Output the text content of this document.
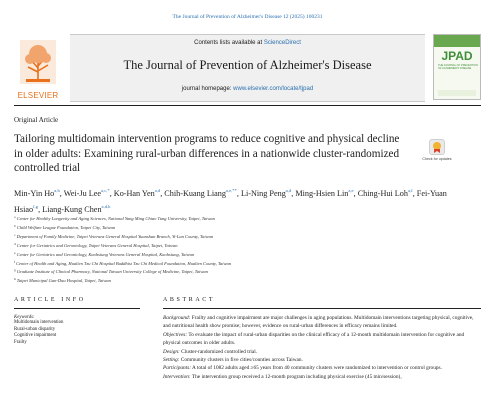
The Journal of Prevention of Alzheimer's Disease 12 (2025) 100231
ELSEVIER
Contents lists available at ScienceDirect
The Journal of Prevention of Alzheimer's Disease
journal homepage: www.elsevier.com/locate/tjpad
JPAD
THE JOURNAL OF PREVENTION OF ALZHEIMER'S DISEASE
Original Article
Tailoring multidomain intervention programs to reduce cognitive and physical decline in older adults: Examining rural-urban differences in a nationwide cluster-randomized controlled trial
Check for updates
Min-Yin Ho$^{a,b}$, Wei-Ju Lee$^{a,c,*}$, Ko-Han Yen$^{a,d}$, Chih-Kuang Liang$^{a,e,**}$, Li-Ning Peng$^{a,d}$, Ming-Hsien Lin$^{a,e}$, Ching-Hui Loh$^{a,f}$, Fei-Yuan Hsiao$^{f,g}$, Liang-Kung Chen$^{a,d,h}$
$^a$Center for Healthy Longevity and Aging Sciences, National Yang Ming Chiao Tung University, Taipei, Taiwan
$^b$Child Welfare League Foundation, Taipei City, Taiwan
$^c$Department of Family Medicine, Taipei Veterans General Hospital Yuanshan Branch, Yi-Lan County, Taiwan
$^d$Center for Geriatrics and Gerontology, Taipei Veterans General Hospital, Taipei, Taiwan
$^e$Center for Geriatrics and Gerontology, Kaohsiung Veterans General Hospital, Kaohsiung, Taiwan
$^f$Center of Health and Aging, Hualien Tzu Chi Hospital Buddhist Tzu Chi Medical Foundation, Hualien County, Taiwan
$^g$Graduate Institute of Clinical Pharmacy, National Taiwan University College of Medicine, Taipei, Taiwan
$^h$Taipei Municipal Gan-Dau Hospital, Taipei, Taiwan
ARTICLE INFO
Keywords:
Multidomain intervention
Rural-urban disparity
Cognitive impairment
Frailty
ABSTRACT

Background: Frailty and cognitive impairment are major challenges in aging populations. Multidomain interventions targeting physical, cognitive, and nutritional health show promise; however, evidence on rural-urban differences in efficacy remains limited.

Objectives: To evaluate the impact of rural-urban disparities on the clinical efficacy of a 12-month multidomain intervention for cognitive and physical outcomes in older adults.

Design: Cluster-randomized controlled trial.

Setting: Community clusters in five cities/counties across Taiwan.

Participants: A total of 1082 adults aged ≥65 years from 40 community clusters were randomized to intervention or control groups.

Intervention: The intervention group received a 12-month program including physical exercise (45 min/session),
